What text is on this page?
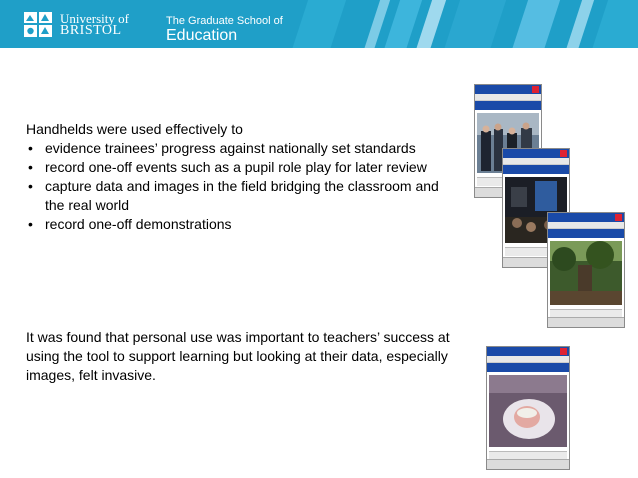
University of
BRISTOL
The Graduate School of
Education
Handhelds were used effectively to
• evidence trainees’ progress against nationally set standards
• record one-off events such as a pupil role play for later review
• capture data and images in the field bridging the classroom and the real world
• record one-off demonstrations
It was found that personal use was important to teachers’ success at using the tool to support learning but looking at their data, especially images, felt invasive.
